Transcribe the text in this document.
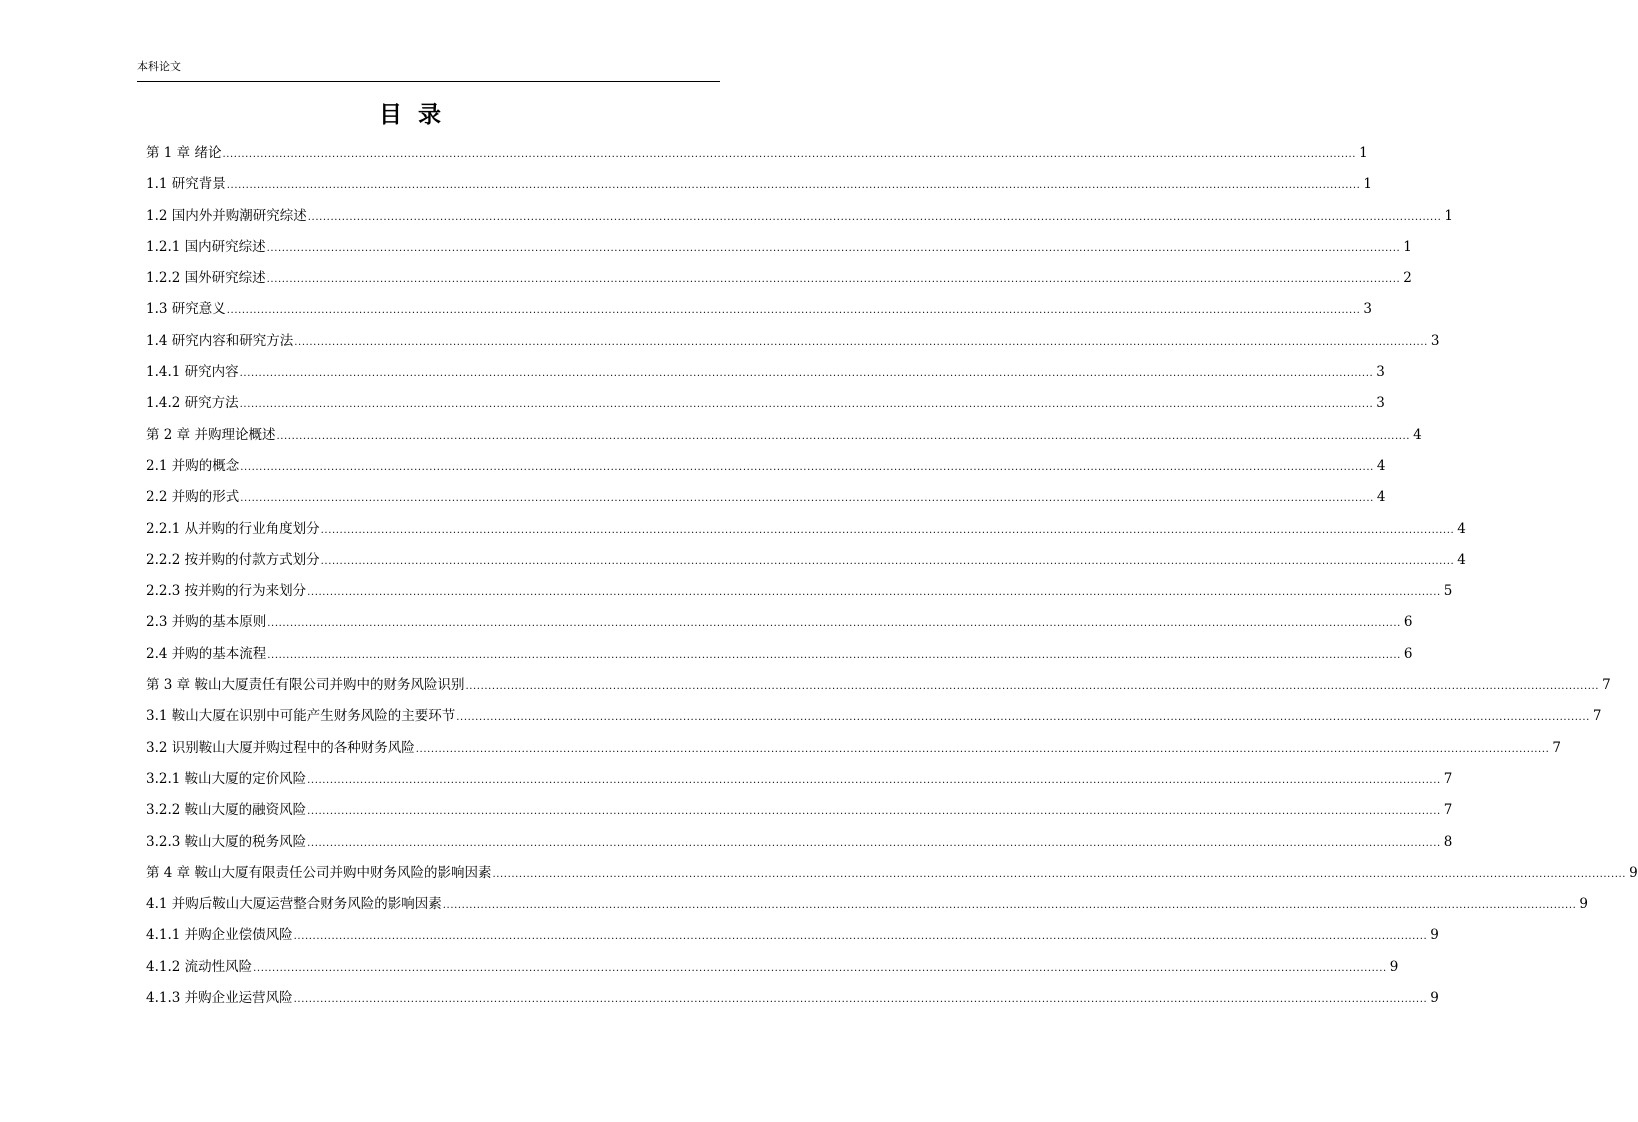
本科论文
目录
第 1 章 绪论 ............................................................................................................................................................................................................................................................................................................ 1
1.1 研究背景 ............................................................................................................................................................................................................................................................................................................ 1
1.2 国内外并购潮研究综述 ............................................................................................................................................................................................................................................................................................................ 1
1.2.1 国内研究综述 ............................................................................................................................................................................................................................................................................................................ 1
1.2.2 国外研究综述 ............................................................................................................................................................................................................................................................................................................ 2
1.3 研究意义 ............................................................................................................................................................................................................................................................................................................ 3
1.4 研究内容和研究方法 ............................................................................................................................................................................................................................................................................................................ 3
1.4.1 研究内容 ............................................................................................................................................................................................................................................................................................................ 3
1.4.2 研究方法 ............................................................................................................................................................................................................................................................................................................ 3
第 2 章 并购理论概述 ............................................................................................................................................................................................................................................................................................................ 4
2.1 并购的概念 ............................................................................................................................................................................................................................................................................................................ 4
2.2 并购的形式 ............................................................................................................................................................................................................................................................................................................ 4
2.2.1 从并购的行业角度划分 ............................................................................................................................................................................................................................................................................................................ 4
2.2.2 按并购的付款方式划分 ............................................................................................................................................................................................................................................................................................................ 4
2.2.3 按并购的行为来划分 ............................................................................................................................................................................................................................................................................................................ 5
2.3 并购的基本原则 ............................................................................................................................................................................................................................................................................................................ 6
2.4 并购的基本流程 ............................................................................................................................................................................................................................................................................................................ 6
第 3 章 鞍山大厦责任有限公司并购中的财务风险识别 ............................................................................................................................................................................................................................................................................................................ 7
3.1 鞍山大厦在识别中可能产生财务风险的主要环节 ............................................................................................................................................................................................................................................................................................................ 7
3.2 识别鞍山大厦并购过程中的各种财务风险 ............................................................................................................................................................................................................................................................................................................ 7
3.2.1 鞍山大厦的定价风险 ............................................................................................................................................................................................................................................................................................................ 7
3.2.2 鞍山大厦的融资风险 ............................................................................................................................................................................................................................................................................................................ 7
3.2.3 鞍山大厦的税务风险 ............................................................................................................................................................................................................................................................................................................ 8
第 4 章 鞍山大厦有限责任公司并购中财务风险的影响因素 ............................................................................................................................................................................................................................................................................................................ 9
4.1 并购后鞍山大厦运营整合财务风险的影响因素 ............................................................................................................................................................................................................................................................................................................ 9
4.1.1 并购企业偿债风险 ............................................................................................................................................................................................................................................................................................................ 9
4.1.2 流动性风险 ............................................................................................................................................................................................................................................................................................................ 9
4.1.3 并购企业运营风险 ............................................................................................................................................................................................................................................................................................................ 9
